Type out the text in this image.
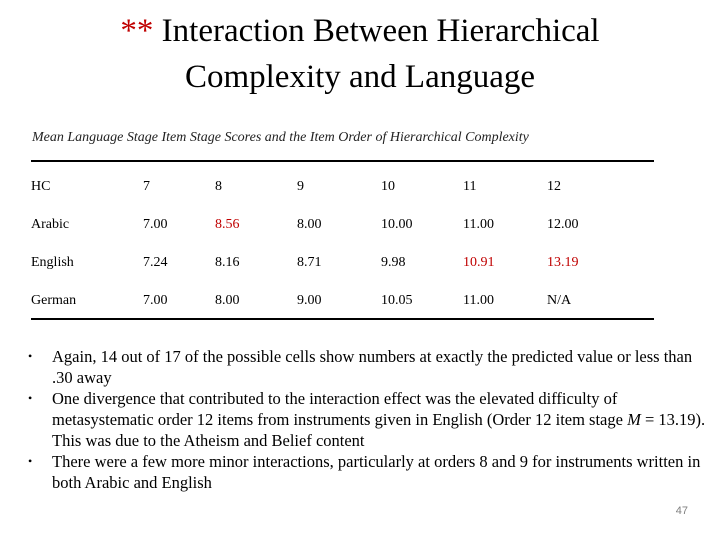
** Interaction Between Hierarchical
Complexity and Language
Mean Language Stage Item Stage Scores and the Item Order of Hierarchical Complexity
HC	7	8	9	10	11	12
Arabic	7.00	8.56	8.00	10.00	11.00	12.00
English	7.24	8.16	8.71	9.98	10.91	13.19
German	7.00	8.00	9.00	10.05	11.00	N/A
• Again, 14 out of 17 of the possible cells show numbers at exactly the predicted value or less than .30 away
• One divergence that contributed to the interaction effect was the elevated difficulty of metasystematic order 12 items from instruments given in English (Order 12 item stage M = 13.19). This was due to the Atheism and Belief content
• There were a few more minor interactions, particularly at orders 8 and 9 for instruments written in both Arabic and English
47
